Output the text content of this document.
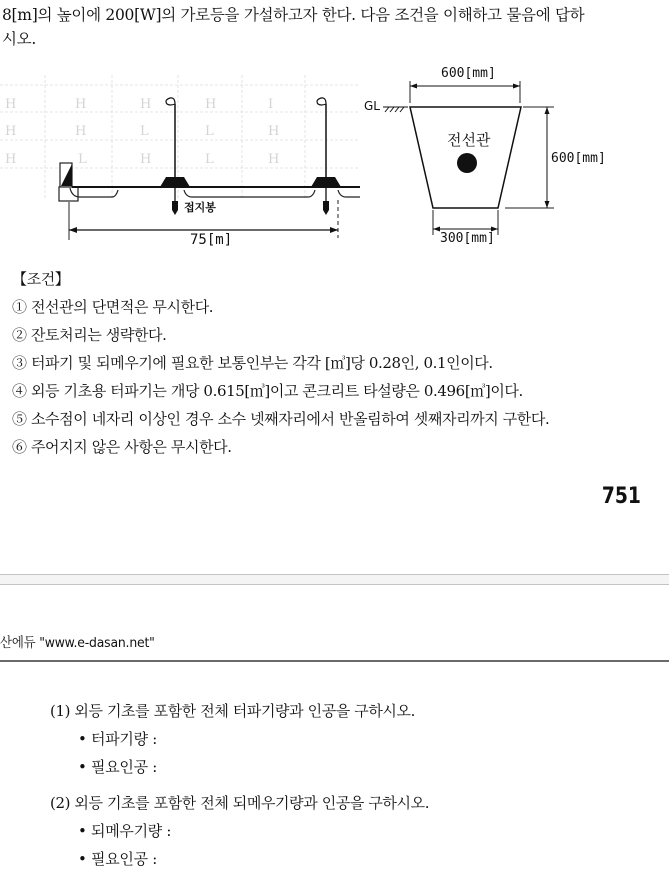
8[m]의 높이에 200[W]의 가로등을 가설하고자 한다. 다음 조건을 이해하고 물음에 답하
시오.
H	H	H	H	I
H	H	L	L	H
H	L	H	L	H
접지봉
75[m]
600[mm]
GL
전선관
600[mm]
300[mm]
【조건】
① 전선관의 단면적은 무시한다.
② 잔토처리는 생략한다.
③ 터파기 및 되메우기에 필요한 보통인부는 각각 [㎥]당 0.28인, 0.1인이다.
④ 외등 기초용 터파기는 개당 0.615[㎥]이고 콘크리트 타설량은 0.496[㎥]이다.
⑤ 소수점이 네자리 이상인 경우 소수 넷째자리에서 반올림하여 셋째자리까지 구한다.
⑥ 주어지지 않은 사항은 무시한다.
751
산에듀 "www.e-dasan.net"
(1) 외등 기초를 포함한 전체 터파기량과 인공을 구하시오.
• 터파기량 :
• 필요인공 :
(2) 외등 기초를 포함한 전체 되메우기량과 인공을 구하시오.
• 되메우기량 :
• 필요인공 :
